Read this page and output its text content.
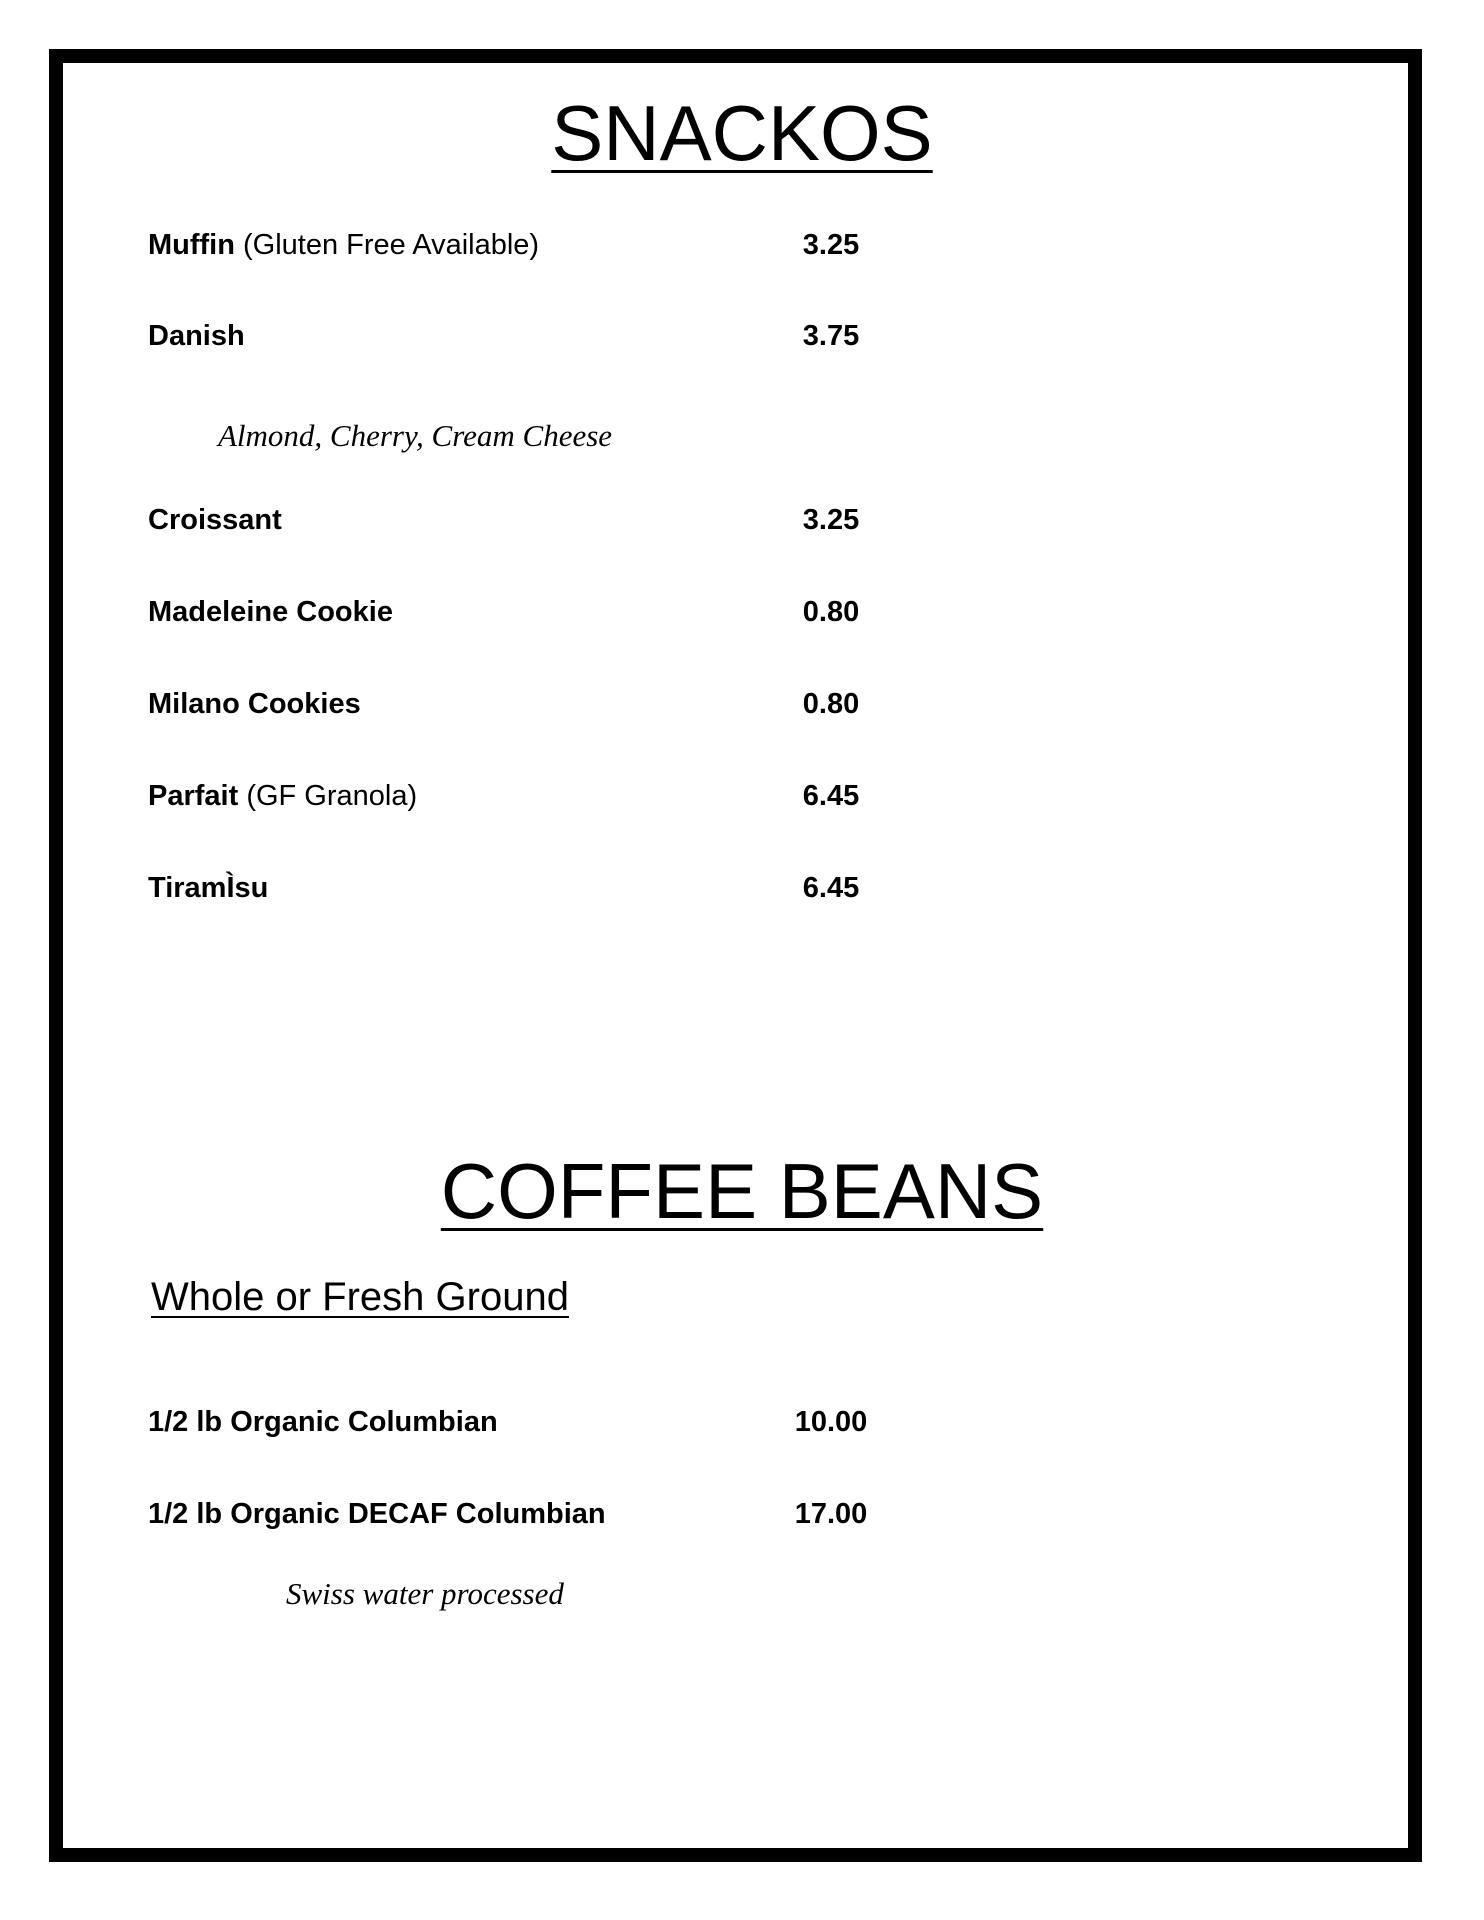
SNACKOS
Muffin (Gluten Free Available)	3.25
Danish	3.75
Almond, Cherry, Cream Cheese
Croissant	3.25
Madeleine Cookie	0.80
Milano Cookies	0.80
Parfait (GF Granola)	6.45
TiramÌsu	6.45
COFFEE BEANS
Whole or Fresh Ground
1/2 lb Organic Columbian	10.00
1/2 lb Organic DECAF Columbian	17.00
Swiss water processed
